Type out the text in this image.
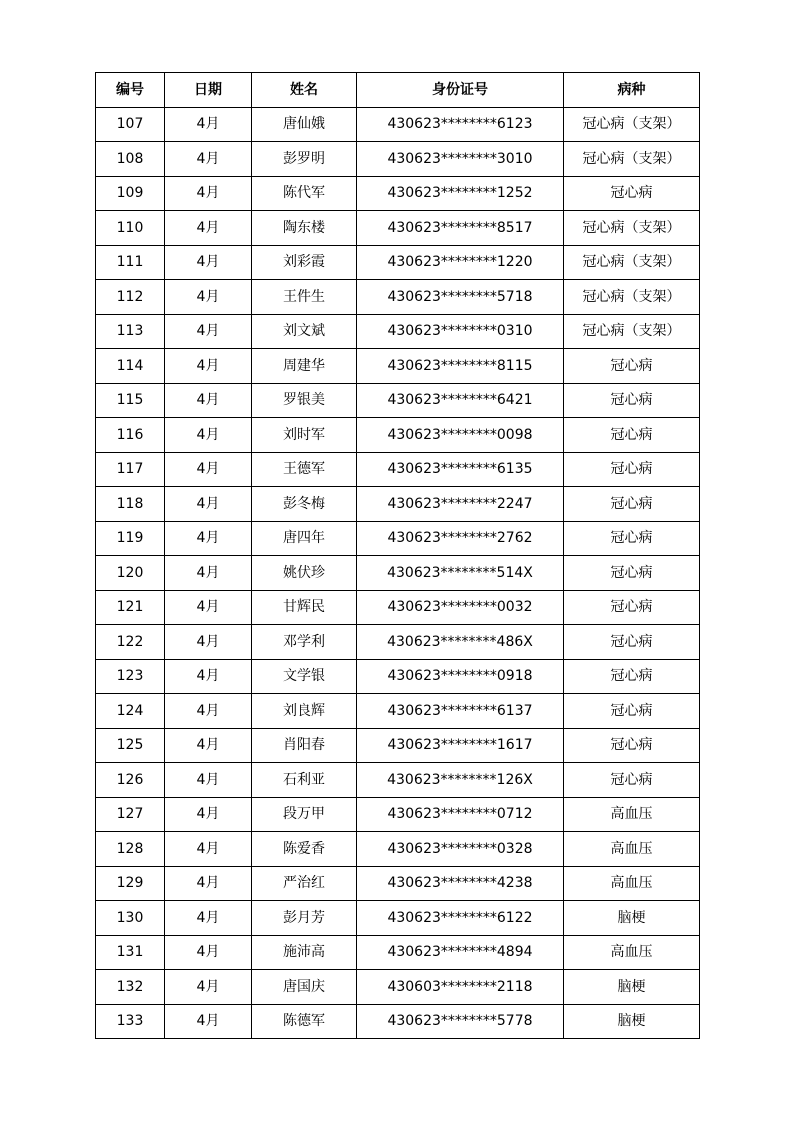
编号	日期	姓名	身份证号	病种
107	4月	唐仙娥	430623********6123	冠心病（支架）
108	4月	彭罗明	430623********3010	冠心病（支架）
109	4月	陈代军	430623********1252	冠心病
110	4月	陶东楼	430623********8517	冠心病（支架）
111	4月	刘彩霞	430623********1220	冠心病（支架）
112	4月	王件生	430623********5718	冠心病（支架）
113	4月	刘文斌	430623********0310	冠心病（支架）
114	4月	周建华	430623********8115	冠心病
115	4月	罗银美	430623********6421	冠心病
116	4月	刘时军	430623********0098	冠心病
117	4月	王德军	430623********6135	冠心病
118	4月	彭冬梅	430623********2247	冠心病
119	4月	唐四年	430623********2762	冠心病
120	4月	姚伏珍	430623********514X	冠心病
121	4月	甘辉民	430623********0032	冠心病
122	4月	邓学利	430623********486X	冠心病
123	4月	文学银	430623********0918	冠心病
124	4月	刘良辉	430623********6137	冠心病
125	4月	肖阳春	430623********1617	冠心病
126	4月	石利亚	430623********126X	冠心病
127	4月	段万甲	430623********0712	高血压
128	4月	陈爱香	430623********0328	高血压
129	4月	严治红	430623********4238	高血压
130	4月	彭月芳	430623********6122	脑梗
131	4月	施沛高	430623********4894	高血压
132	4月	唐国庆	430603********2118	脑梗
133	4月	陈德军	430623********5778	脑梗
